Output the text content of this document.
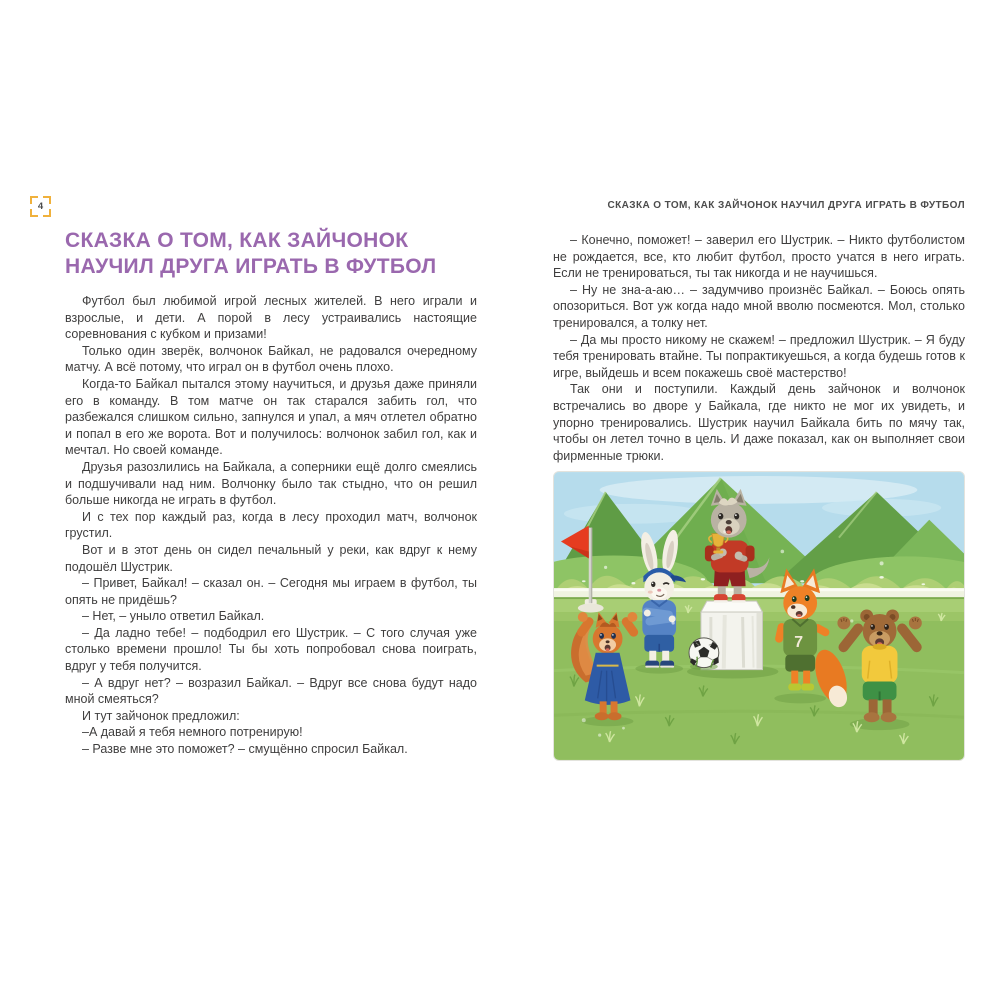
4
СКАЗКА О ТОМ, КАК ЗАЙЧОНОК
НАУЧИЛ ДРУГА ИГРАТЬ В ФУТБОЛ

Футбол был любимой игрой лесных жителей. В него играли и взрослые, и дети. А порой в лесу устраивались настоящие соревнования с кубком и призами!

Только один зверёк, волчонок Байкал, не радовался очередному матчу. А всё потому, что играл он в футбол очень плохо.

Когда-то Байкал пытался этому научиться, и друзья даже приняли его в команду. В том матче он так старался забить гол, что разбежался слишком сильно, запнулся и упал, а мяч отлетел обратно и попал в его же ворота. Вот и получилось: волчонок забил гол, как и мечтал. Но своей команде.

Друзья разозлились на Байкала, а соперники ещё долго смеялись и подшучивали над ним. Волчонку было так стыдно, что он решил больше никогда не играть в футбол.

И с тех пор каждый раз, когда в лесу проходил матч, волчонок грустил.

Вот и в этот день он сидел печальный у реки, как вдруг к нему подошёл Шустрик.

– Привет, Байкал! – сказал он. – Сегодня мы играем в футбол, ты опять не придёшь?

– Нет, – уныло ответил Байкал.

– Да ладно тебе! – подбодрил его Шустрик. – С того случая уже столько времени прошло! Ты бы хоть попробовал снова поиграть, вдруг у тебя получится.

– А вдруг нет? – возразил Байкал. – Вдруг все снова будут надо мной смеяться?

И тут зайчонок предложил:

–А давай я тебя немного потренирую!

– Разве мне это поможет? – смущённо спросил Байкал.

СКАЗКА О ТОМ, КАК ЗАЙЧОНОК НАУЧИЛ ДРУГА ИГРАТЬ В ФУТБОЛ

– Конечно, поможет! – заверил его Шустрик. – Никто футболистом не рождается, все, кто любит футбол, просто учатся в него играть. Если не тренироваться, ты так никогда и не научишься.

– Ну не зна-а-аю… – задумчиво произнёс Байкал. – Боюсь опять опозориться. Вот уж когда надо мной вволю посмеются. Мол, столько тренировался, а толку нет.

– Да мы просто никому не скажем! – предложил Шустрик. – Я буду тебя тренировать втайне. Ты попрактикуешься, а когда будешь готов к игре, выйдешь и всем покажешь своё мастерство!

Так они и поступили. Каждый день зайчонок и волчонок встречались во дворе у Байкала, где никто не мог их увидеть, и упорно тренировались. Шустрик научил Байкала бить по мячу так, чтобы он летел точно в цель. И даже показал, как он выполняет свои фирменные трюки.

7
